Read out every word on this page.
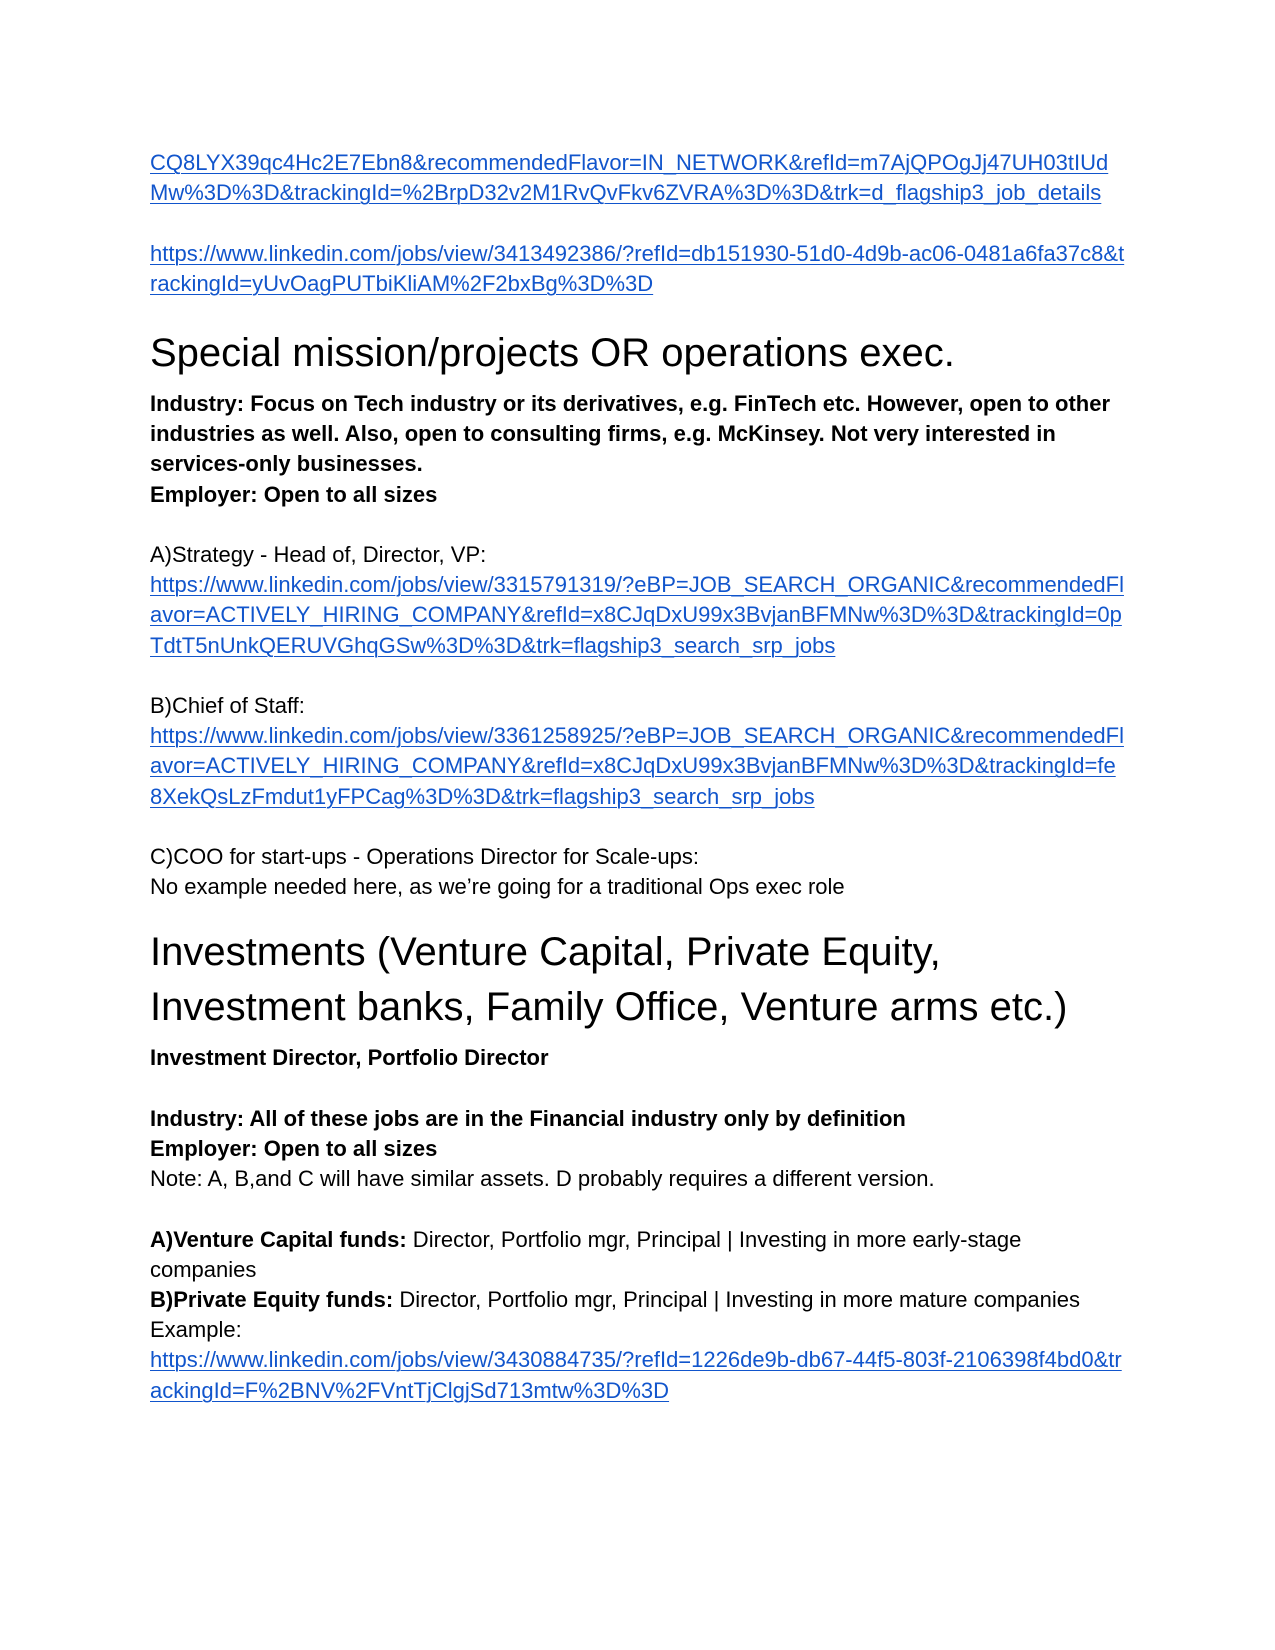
CQ8LYX39qc4Hc2E7Ebn8&recommendedFlavor=IN_NETWORK&refId=m7AjQPOgJj47UH03tIUdMw%3D%3D&trackingId=%2BrpD32v2M1RvQvFkv6ZVRA%3D%3D&trk=d_flagship3_job_details
https://www.linkedin.com/jobs/view/3413492386/?refId=db151930-51d0-4d9b-ac06-0481a6fa37c8&trackingId=yUvOagPUTbiKliAM%2F2bxBg%3D%3D
Special mission/projects OR operations exec.

Industry: Focus on Tech industry or its derivatives, e.g. FinTech etc. However, open to other industries as well. Also, open to consulting firms, e.g. McKinsey. Not very interested in services-only businesses.

Employer: Open to all sizes

A)Strategy - Head of, Director, VP:

https://www.linkedin.com/jobs/view/3315791319/?eBP=JOB_SEARCH_ORGANIC&recommendedFlavor=ACTIVELY_HIRING_COMPANY&refId=x8CJqDxU99x3BvjanBFMNw%3D%3D&trackingId=0pTdtT5nUnkQERUVGhqGSw%3D%3D&trk=flagship3_search_srp_jobs

B)Chief of Staff:

https://www.linkedin.com/jobs/view/3361258925/?eBP=JOB_SEARCH_ORGANIC&recommendedFlavor=ACTIVELY_HIRING_COMPANY&refId=x8CJqDxU99x3BvjanBFMNw%3D%3D&trackingId=fe8XekQsLzFmdut1yFPCag%3D%3D&trk=flagship3_search_srp_jobs

C)COO for start-ups - Operations Director for Scale-ups:

No example needed here, as we’re going for a traditional Ops exec role

Investments (Venture Capital, Private Equity, Investment banks, Family Office, Venture arms etc.)

Investment Director, Portfolio Director

Industry: All of these jobs are in the Financial industry only by definition

Employer: Open to all sizes

Note: A, B,and C will have similar assets. D probably requires a different version.

A)Venture Capital funds: Director, Portfolio mgr, Principal | Investing in more early-stage companies

B)Private Equity funds: Director, Portfolio mgr, Principal | Investing in more mature companies

Example:

https://www.linkedin.com/jobs/view/3430884735/?refId=1226de9b-db67-44f5-803f-2106398f4bd0&trackingId=F%2BNV%2FVntTjClgjSd713mtw%3D%3D
